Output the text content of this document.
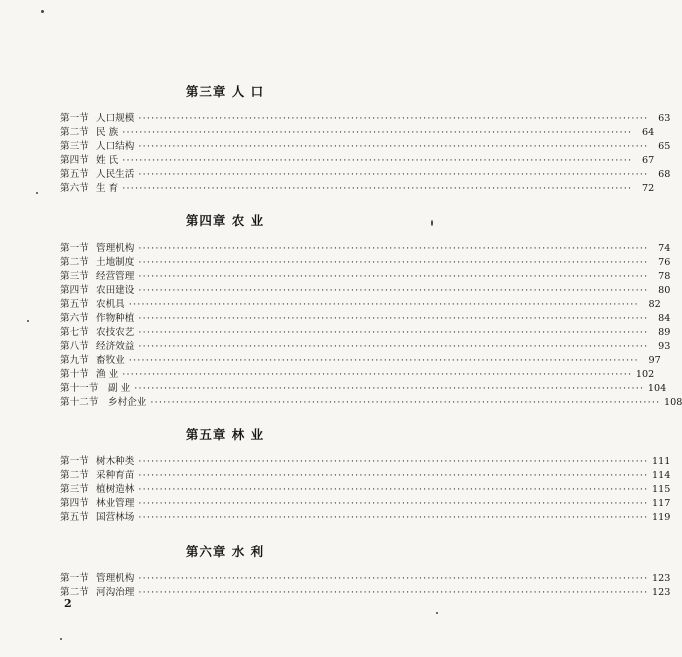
第三章 人 口
第一节 人口规模 ························································································································	63
第二节 民 族 ························································································································	64
第三节 人口结构 ························································································································	65
第四节 姓 氏 ························································································································	67
第五节 人民生活 ························································································································	68
第六节 生 育 ························································································································	72
第四章 农 业
第一节 管理机构 ························································································································	74
第二节 土地制度 ························································································································	76
第三节 经营管理 ························································································································	78
第四节 农田建设 ························································································································	80
第五节 农机具 ························································································································	82
第六节 作物种植 ························································································································	84
第七节 农技农艺 ························································································································	89
第八节 经济效益 ························································································································	93
第九节 畜牧业 ························································································································	97
第十节 渔 业 ························································································································ 102
第十一节	副 业 ························································································································ 104
第十二节	乡村企业 ························································································································ 108
第五章 林 业
第一节 树木种类 ························································································································ 111
第二节 采种育苗 ························································································································ 114
第三节 植树造林 ························································································································ 115
第四节 林业管理 ························································································································ 117
第五节 国营林场 ························································································································ 119
第六章 水 利
第一节 管理机构 ························································································································ 123
第二节 河沟治理 ························································································································ 123
2
